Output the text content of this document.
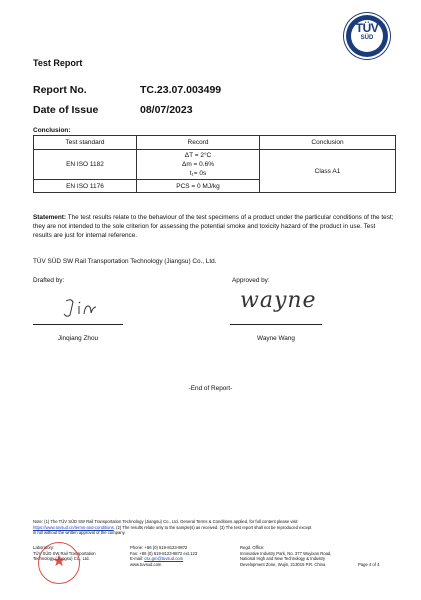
TÜV
SÜD
Test Report
Report No.	TC.23.07.003499
Date of Issue	08/07/2023
Conclusion:
Test standard	Record	Conclusion
EN ISO 1182	ΔT = 2°C
Δm = 0.6%
t₁= 0s	Class A1
EN ISO 1176	PCS = 0 MJ/kg	
Statement: The test results relate to the behaviour of the test specimens of a product under the particular conditions of the test; they are not intended to the sole criterion for assessing the potential smoke and toxicity hazard of the product in use. Test results are just for internal reference.
TÜV SÜD SW Rail Transportation Technology (Jiangsu) Co., Ltd.
Drafted by:	Approved by:
Jinqiang Zhou
wayne
Wayne Wang
-End of Report-
Note: (1) The TÜV SÜD SW Rail Transportation Technology (Jiangsu) Co., Ltd. General Terms & Conditions applied, for full content please visit
https://www.tuvsud.cn/terms-and-conditions. (2) The results relate only to the sample(s) as received. (3) The test report shall not be reproduced except
in full without the written approval of the company.
Laboratory:
TÜV SÜD SW Rail Transportation
Technology (Jiangsu) Co., Ltd.
★
Phone: +86 (0) 519-8123-9872
Fax: +86 (0) 519-8123-9872 ext.123
E-mail: csx.gm@tuvsud.com
www.tuvsud.com
Regd. Office:
Innovative Industry Park, No. 377 Wuyixan Road,
National High and New Technology & Industry
Development Zone, Wujin, 213015 P.R. China	Page 4 of 4
